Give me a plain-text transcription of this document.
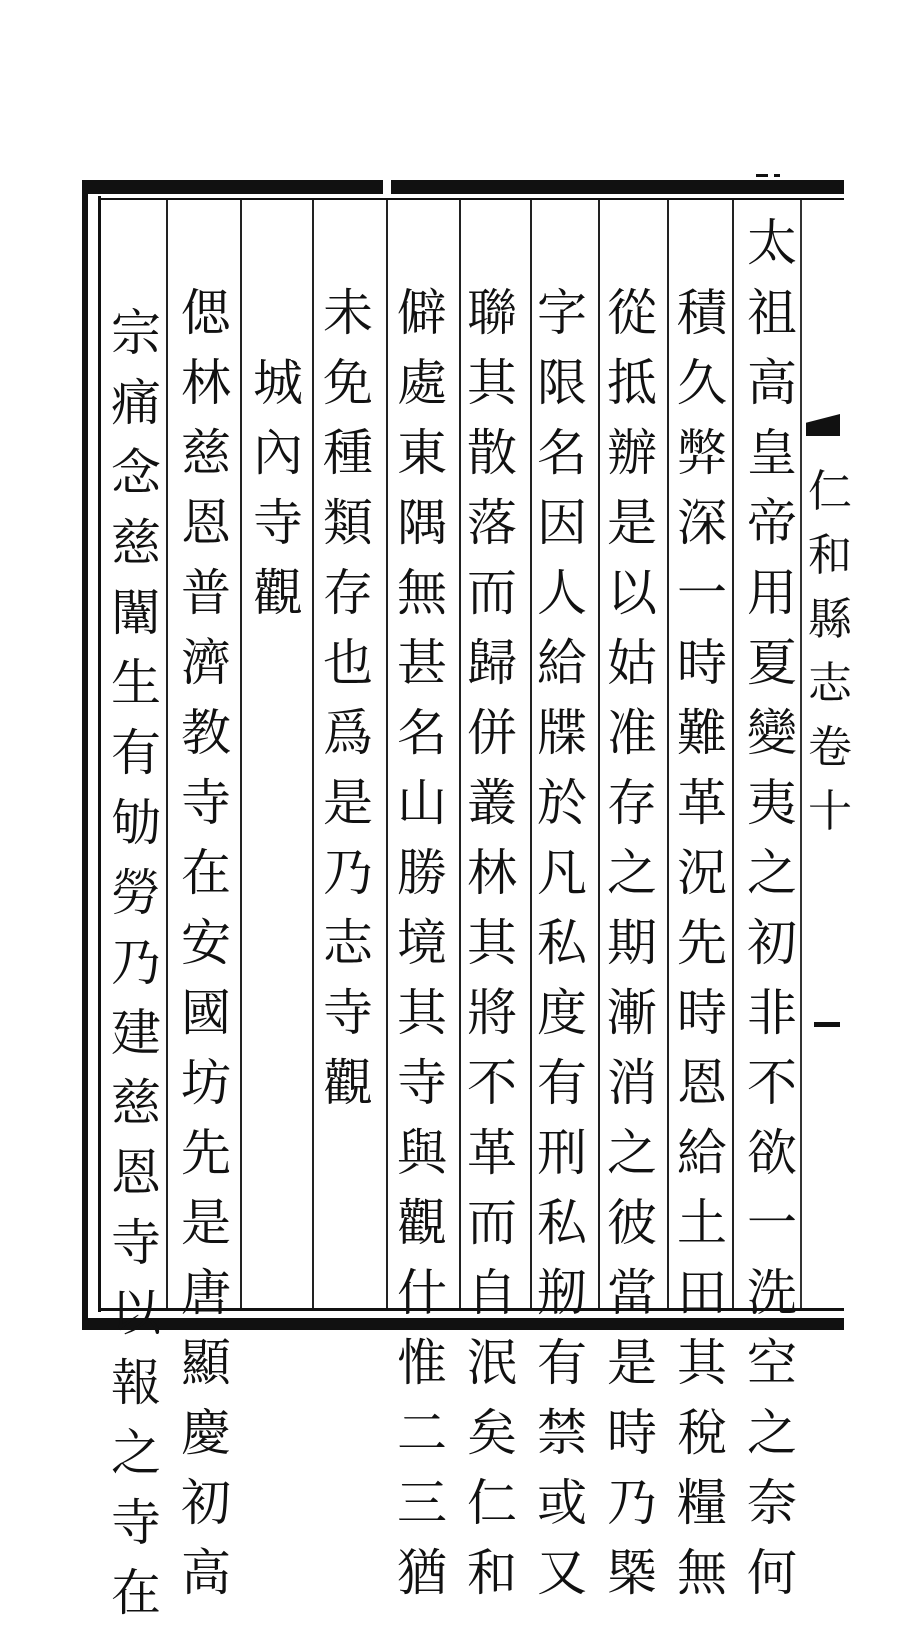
仁和縣志卷十
太祖高皇帝用夏變夷之初非不欲一洗空之奈何
積久弊深一時難革況先時恩給土田其稅糧無
從抵辦是以姑准存之期漸消之彼當是時乃槩
字限名因人給牒於凡私度有刑私剏有禁或又
聯其散落而歸併叢林其將不革而自泯矣仁和
僻處東隅無甚名山勝境其寺與觀什惟二三猶
未免種類存也爲是乃志寺觀
城內寺觀
偲林慈恩普濟教寺在安國坊先是唐顯慶初高
宗痛念慈闈生有劬勞乃建慈恩寺以報之寺在
